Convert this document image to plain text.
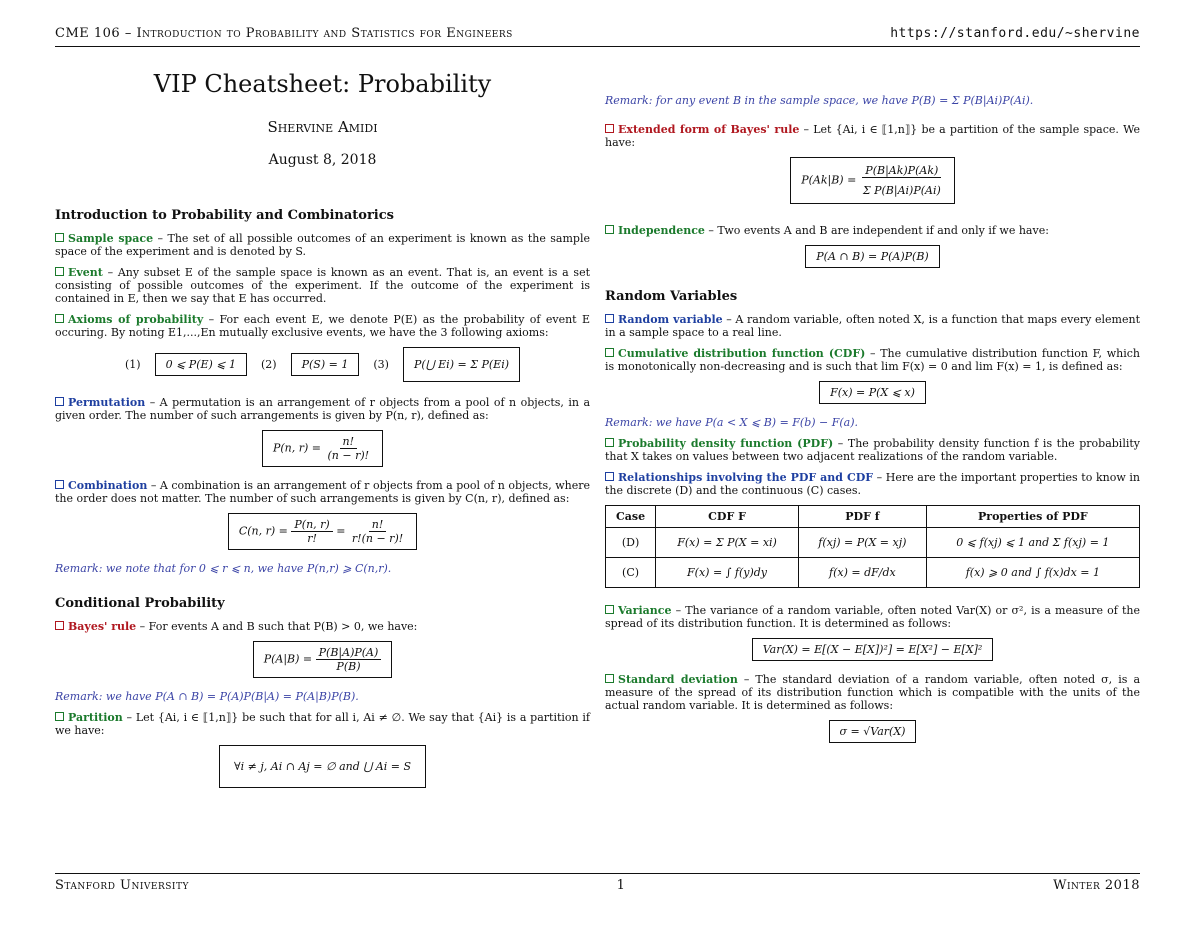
CME 106 – Introduction to Probability and Statistics for Engineers	https://stanford.edu/~shervine
VIP Cheatsheet: Probability
Shervine Amidi
August 8, 2018
Introduction to Probability and Combinatorics

Sample space – The set of all possible outcomes of an experiment is known as the sample space of the experiment and is denoted by S.

Event – Any subset E of the sample space is known as an event. That is, an event is a set consisting of possible outcomes of the experiment. If the outcome of the experiment is contained in E, then we say that E has occurred.

Axioms of probability – For each event E, we denote P(E) as the probability of event E occuring. By noting E1,...,En mutually exclusive events, we have the 3 following axioms:

(1)	0 ⩽ P(E) ⩽ 1	(2)	P(S) = 1	(3)	P(⋃ Ei) = Σ P(Ei)

Permutation – A permutation is an arrangement of r objects from a pool of n objects, in a given order. The number of such arrangements is given by P(n, r), defined as:

P(n, $r) = \frac{n!}{(n - r)!}$

Combination – A combination is an arrangement of r objects from a pool of n objects, where the order does not matter. The number of such arrangements is given by C(n, r), defined as:

C(n, $r) = \frac{P(n, r)}{r!} = \frac{n!}{r!(n - r)!}$

Remark: we note that for 0 ⩽ r ⩽ n, we have P(n,r) ⩾ C(n,r).

Conditional Probability

Bayes' rule – For events A and B such that P(B) > 0, we have:

$P(A|B) = \frac{P(B|A)P(A)}{P(B)}$

Remark: we have P(A ∩ B) = P(A)P(B|A) = P(A|B)P(B).

Partition – Let {Ai, i ∈ ⟦1,n⟧} be such that for all i, Ai ≠ ∅. We say that {Ai} is a partition if we have:

∀i ≠ j, Ai ∩ Aj = ∅ and ⋃ Ai = S

Remark: for any event B in the sample space, we have P(B) = Σ P(B|Ai)P(Ai).

Extended form of Bayes' rule – Let {Ai, i ∈ ⟦1,n⟧} be a partition of the sample space. We have:

$P(Ak|B) = \frac{P(B|Ak)P(Ak)}{\text{Σ P(B|Ai)P(Ai)}}$

Independence – Two events A and B are independent if and only if we have:

P(A ∩ B) = P(A)P(B)
Random Variables

Random variable – A random variable, often noted X, is a function that maps every element in a sample space to a real line.

Cumulative distribution function (CDF) – The cumulative distribution function F, which is monotonically non-decreasing and is such that lim F(x) = 0 and lim F(x) = 1, is defined as:

F(x) = P(X ⩽ x)

Remark: we have P(a < X ⩽ B) = F(b) − F(a).

Probability density function (PDF) – The probability density function f is the probability that X takes on values between two adjacent realizations of the random variable.

Relationships involving the PDF and CDF – Here are the important properties to know in the discrete (D) and the continuous (C) cases.

Case	CDF F	PDF f	Properties of PDF
(D)	F(x) = Σ P(X = xi)	f(xj) = P(X = xj)	0 ⩽ f(xj) ⩽ 1 and Σ f(xj) = 1
(C)	F(x) = ∫ f(y)dy	f(x) = dF/dx	f(x) ⩾ 0 and ∫ f(x)dx = 1

Variance – The variance of a random variable, often noted Var(X) or σ², is a measure of the spread of its distribution function. It is determined as follows:

Var(X) = E[(X − E[X])²] = E[X²] − E[X]²

Standard deviation – The standard deviation of a random variable, often noted σ, is a measure of the spread of its distribution function which is compatible with the units of the actual random variable. It is determined as follows:

σ = √Var(X)
Stanford University	1	Winter 2018
